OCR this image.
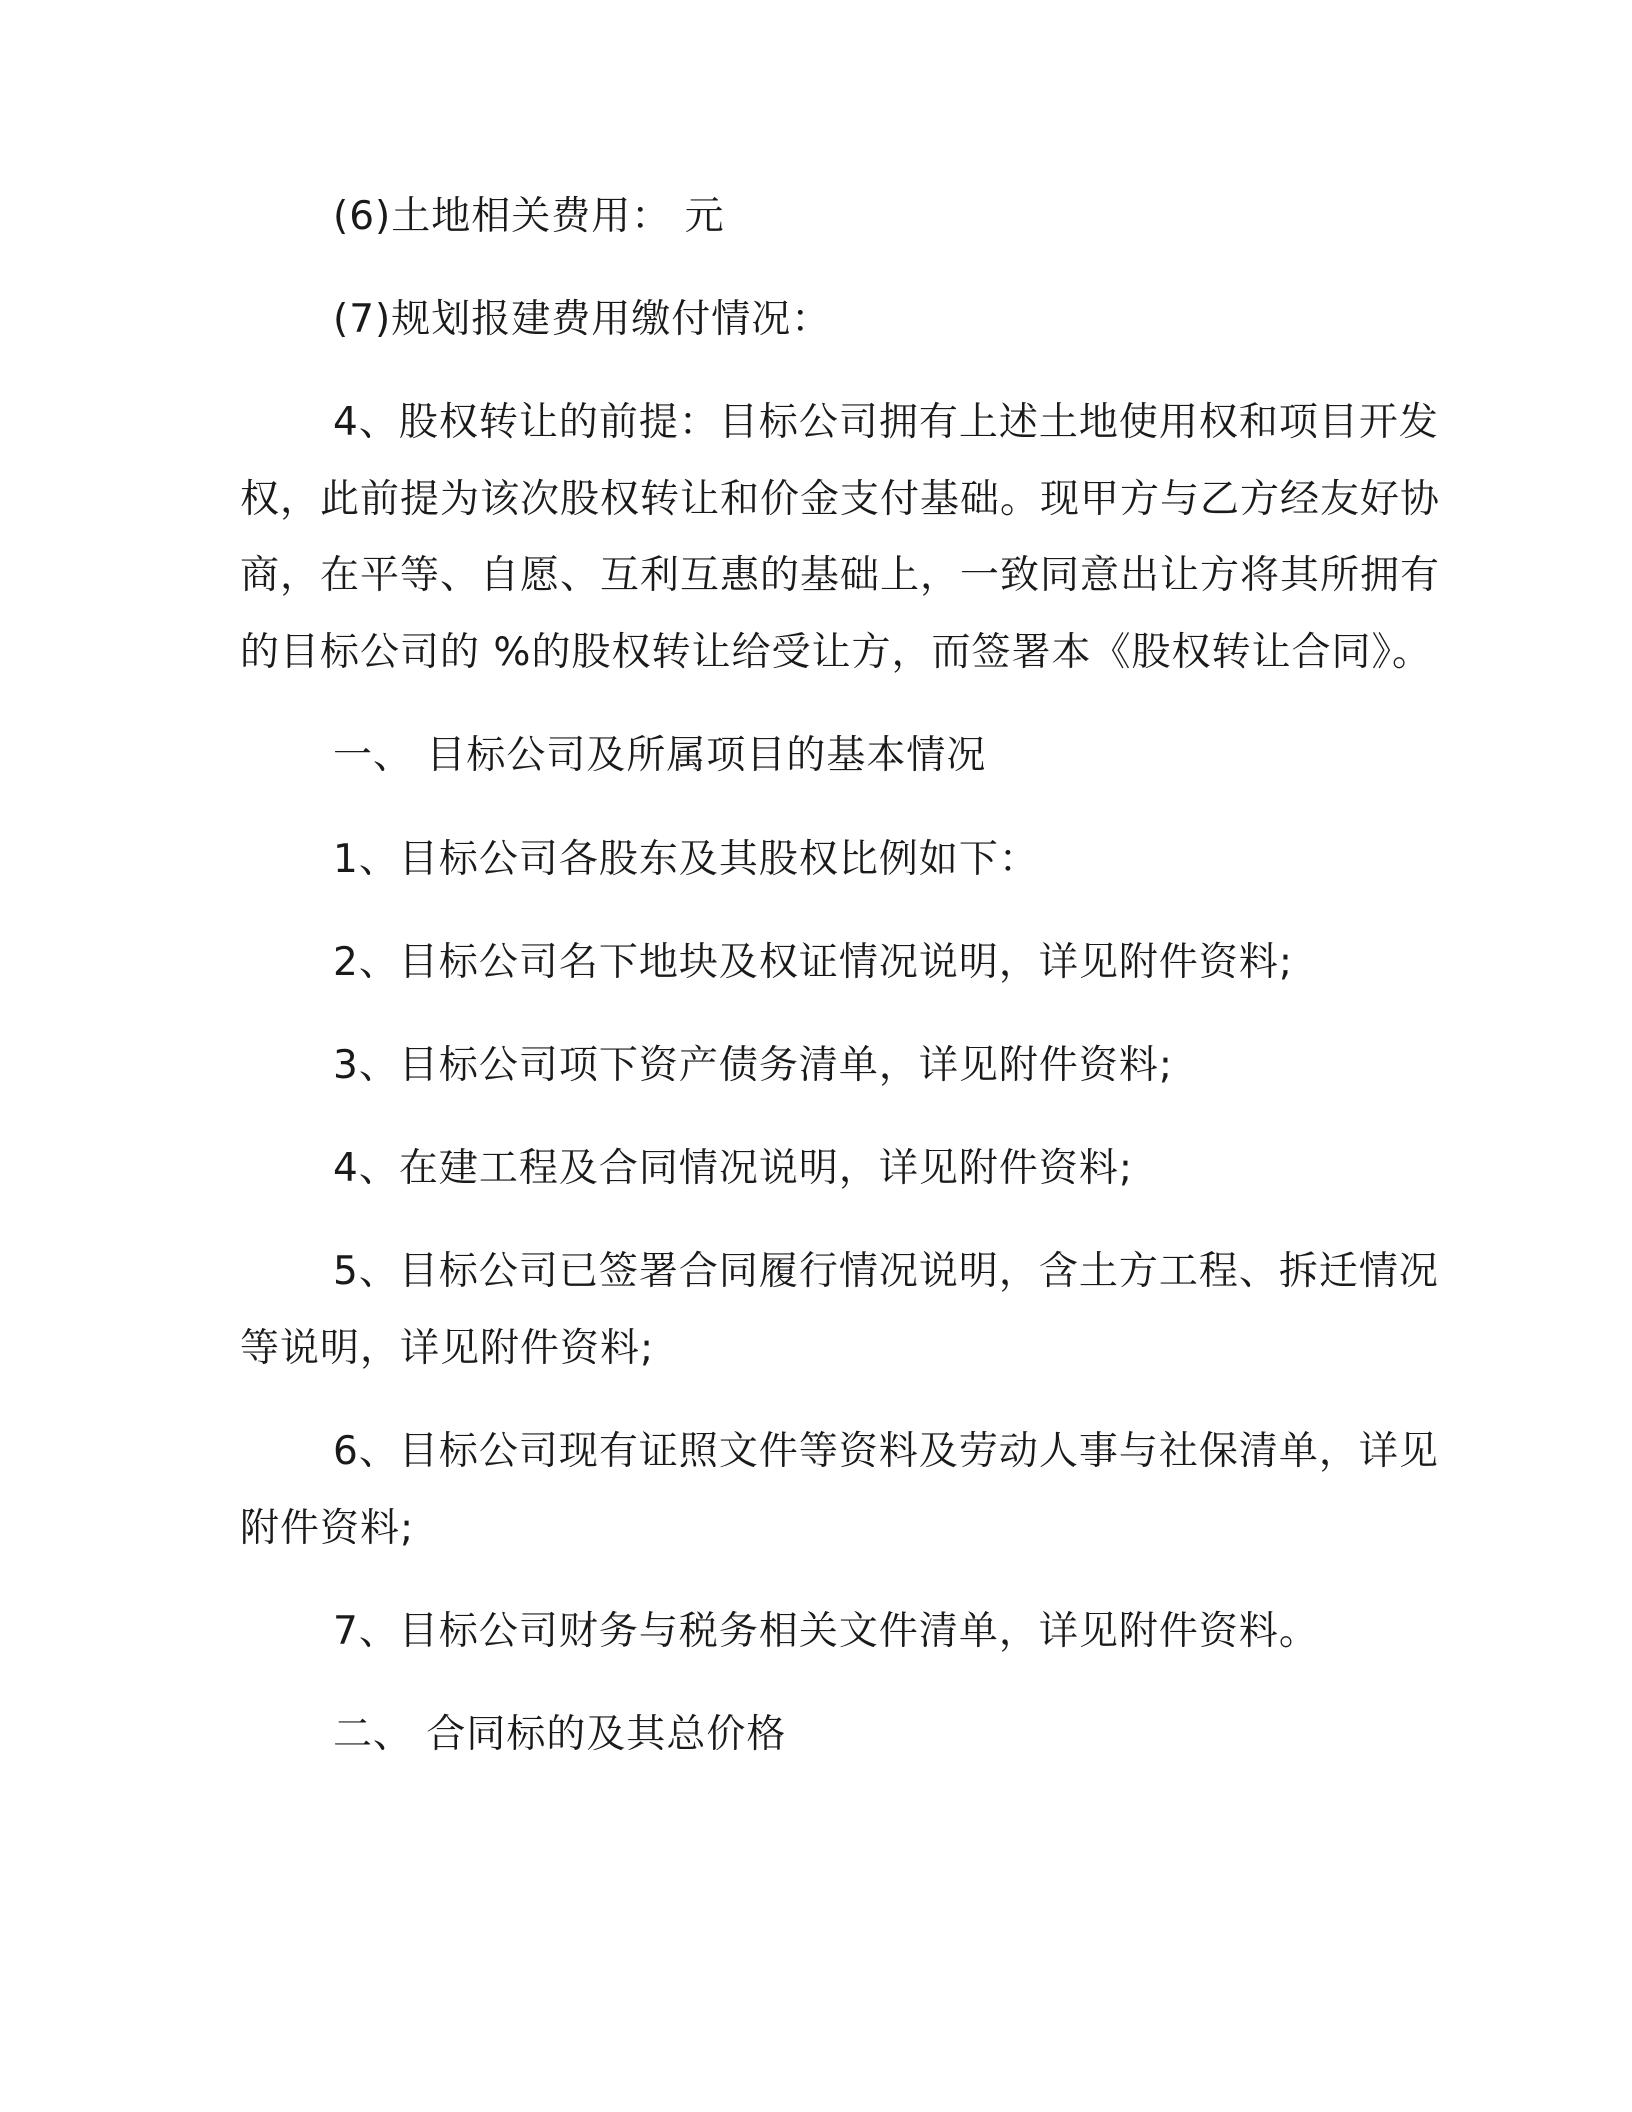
(6)土地相关费用： 元
(7)规划报建费用缴付情况：
4、股权转让的前提：目标公司拥有上述土地使用权和项目开发
权，此前提为该次股权转让和价金支付基础。现甲方与乙方经友好协
商，在平等、自愿、互利互惠的基础上，一致同意出让方将其所拥有
的目标公司的 %的股权转让给受让方，而签署本《股权转让合同》。
一、 目标公司及所属项目的基本情况
1、目标公司各股东及其股权比例如下：
2、目标公司名下地块及权证情况说明，详见附件资料;
3、目标公司项下资产债务清单，详见附件资料;
4、在建工程及合同情况说明，详见附件资料;
5、目标公司已签署合同履行情况说明，含土方工程、拆迁情况
等说明，详见附件资料;
6、目标公司现有证照文件等资料及劳动人事与社保清单，详见
附件资料;
7、目标公司财务与税务相关文件清单，详见附件资料。
二、 合同标的及其总价格
